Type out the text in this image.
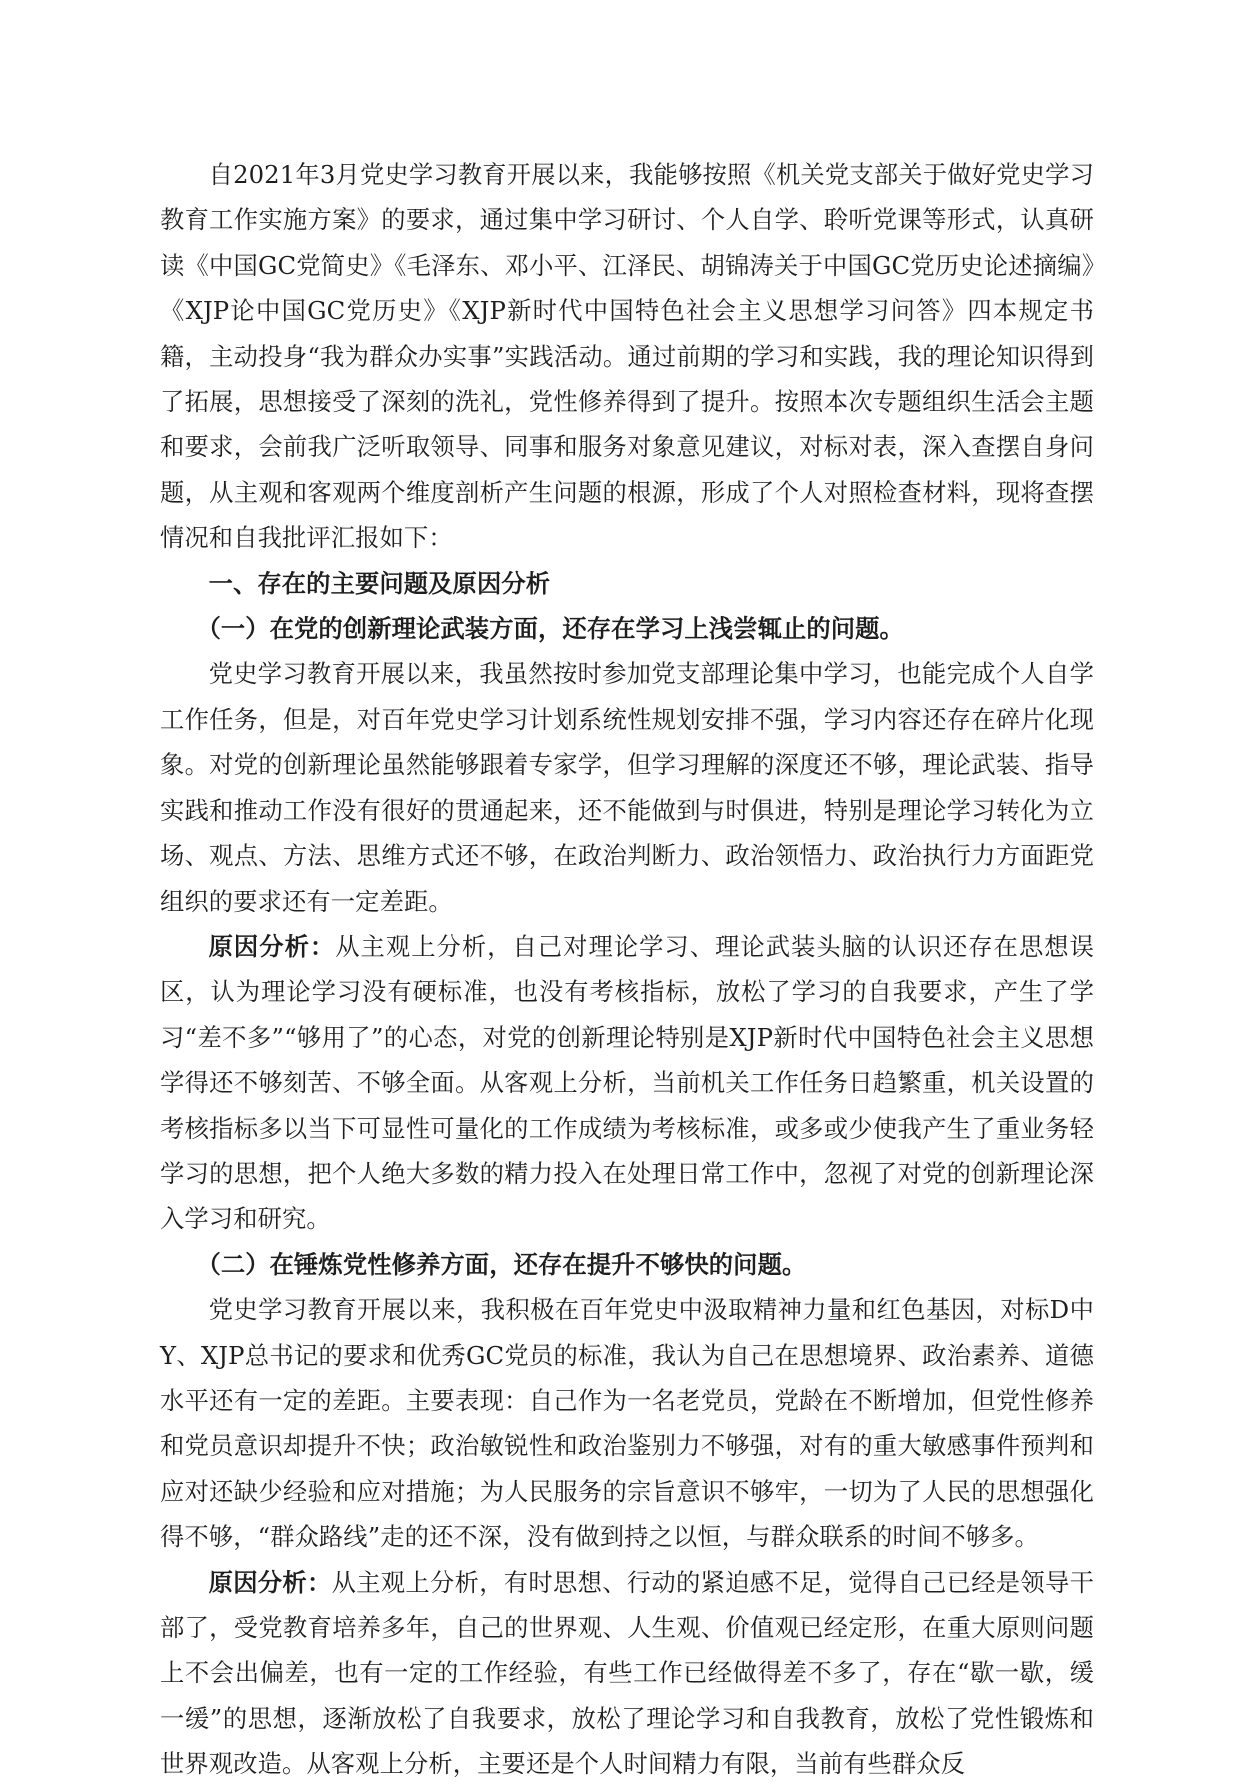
自2021年3月党史学习教育开展以来，我能够按照《机关党支部关于做好党史学习教育工作实施方案》的要求，通过集中学习研讨、个人自学、聆听党课等形式，认真研读《中国GC党简史》《毛泽东、邓小平、江泽民、胡锦涛关于中国GC党历史论述摘编》《XJP论中国GC党历史》《XJP新时代中国特色社会主义思想学习问答》四本规定书籍，主动投身“我为群众办实事”实践活动。通过前期的学习和实践，我的理论知识得到了拓展，思想接受了深刻的洗礼，党性修养得到了提升。按照本次专题组织生活会主题和要求，会前我广泛听取领导、同事和服务对象意见建议，对标对表，深入查摆自身问题，从主观和客观两个维度剖析产生问题的根源，形成了个人对照检查材料，现将查摆情况和自我批评汇报如下：

一、存在的主要问题及原因分析

（一）在党的创新理论武装方面，还存在学习上浅尝辄止的问题。

党史学习教育开展以来，我虽然按时参加党支部理论集中学习，也能完成个人自学工作任务，但是，对百年党史学习计划系统性规划安排不强，学习内容还存在碎片化现象。对党的创新理论虽然能够跟着专家学，但学习理解的深度还不够，理论武装、指导实践和推动工作没有很好的贯通起来，还不能做到与时俱进，特别是理论学习转化为立场、观点、方法、思维方式还不够，在政治判断力、政治领悟力、政治执行力方面距党组织的要求还有一定差距。

原因分析：从主观上分析，自己对理论学习、理论武装头脑的认识还存在思想误区，认为理论学习没有硬标准，也没有考核指标，放松了学习的自我要求，产生了学习“差不多”“够用了”的心态，对党的创新理论特别是XJP新时代中国特色社会主义思想学得还不够刻苦、不够全面。从客观上分析，当前机关工作任务日趋繁重，机关设置的考核指标多以当下可显性可量化的工作成绩为考核标准，或多或少使我产生了重业务轻学习的思想，把个人绝大多数的精力投入在处理日常工作中，忽视了对党的创新理论深入学习和研究。

（二）在锤炼党性修养方面，还存在提升不够快的问题。

党史学习教育开展以来，我积极在百年党史中汲取精神力量和红色基因，对标D中Y、XJP总书记的要求和优秀GC党员的标准，我认为自己在思想境界、政治素养、道德水平还有一定的差距。主要表现：自己作为一名老党员，党龄在不断增加，但党性修养和党员意识却提升不快；政治敏锐性和政治鉴别力不够强，对有的重大敏感事件预判和应对还缺少经验和应对措施；为人民服务的宗旨意识不够牢，一切为了人民的思想强化得不够，“群众路线”走的还不深，没有做到持之以恒，与群众联系的时间不够多。

原因分析：从主观上分析，有时思想、行动的紧迫感不足，觉得自己已经是领导干部了，受党教育培养多年，自己的世界观、人生观、价值观已经定形，在重大原则问题上不会出偏差，也有一定的工作经验，有些工作已经做得差不多了，存在“歇一歇，缓一缓”的思想，逐渐放松了自我要求，放松了理论学习和自我教育，放松了党性锻炼和世界观改造。从客观上分析，主要还是个人时间精力有限，当前有些群众反
